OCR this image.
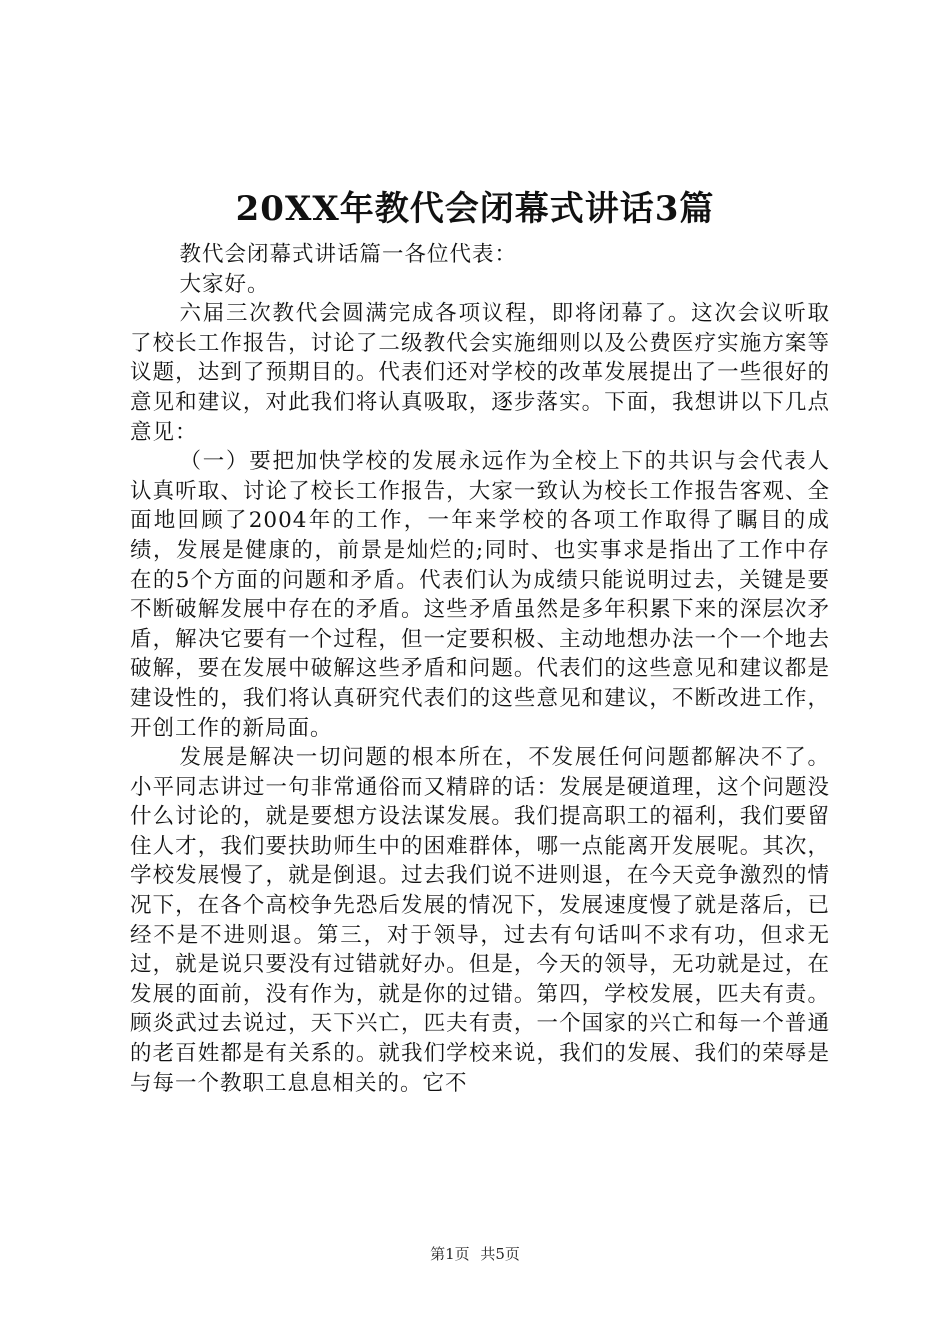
20XX年教代会闭幕式讲话3篇

教代会闭幕式讲话篇一各位代表：

大家好。

六届三次教代会圆满完成各项议程，即将闭幕了。这次会议听取了校长工作报告，讨论了二级教代会实施细则以及公费医疗实施方案等议题，达到了预期目的。代表们还对学校的改革发展提出了一些很好的意见和建议，对此我们将认真吸取，逐步落实。下面，我想讲以下几点意见：

（一）要把加快学校的发展永远作为全校上下的共识与会代表人认真听取、讨论了校长工作报告，大家一致认为校长工作报告客观、全面地回顾了2004年的工作，一年来学校的各项工作取得了瞩目的成绩，发展是健康的，前景是灿烂的;同时、也实事求是指出了工作中存在的5个方面的问题和矛盾。代表们认为成绩只能说明过去，关键是要不断破解发展中存在的矛盾。这些矛盾虽然是多年积累下来的深层次矛盾，解决它要有一个过程，但一定要积极、主动地想办法一个一个地去破解，要在发展中破解这些矛盾和问题。代表们的这些意见和建议都是建设性的，我们将认真研究代表们的这些意见和建议，不断改进工作，开创工作的新局面。

发展是解决一切问题的根本所在，不发展任何问题都解决不了。小平同志讲过一句非常通俗而又精辟的话：发展是硬道理，这个问题没什么讨论的，就是要想方设法谋发展。我们提高职工的福利，我们要留住人才，我们要扶助师生中的困难群体，哪一点能离开发展呢。其次，学校发展慢了，就是倒退。过去我们说不进则退，在今天竞争激烈的情况下，在各个高校争先恐后发展的情况下，发展速度慢了就是落后，已经不是不进则退。第三，对于领导，过去有句话叫不求有功，但求无过，就是说只要没有过错就好办。但是，今天的领导，无功就是过，在发展的面前，没有作为，就是你的过错。第四，学校发展，匹夫有责。顾炎武过去说过，天下兴亡，匹夫有责，一个国家的兴亡和每一个普通的老百姓都是有关系的。就我们学校来说，我们的发展、我们的荣辱是与每一个教职工息息相关的。它不

第1页 共5页
